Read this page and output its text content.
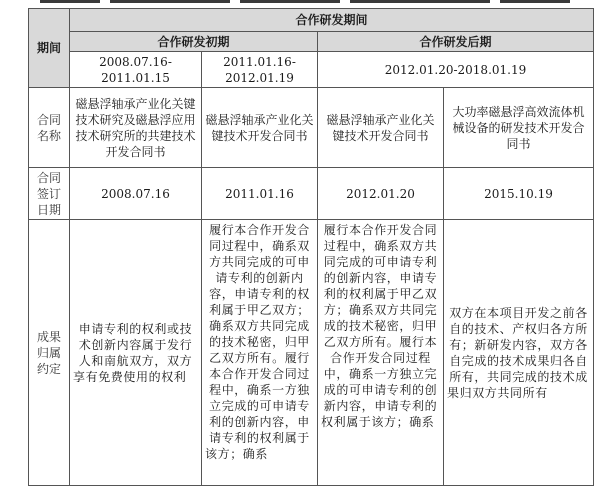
期间	合作研发期间			
	合作研发初期		合作研发后期	

	2008.07.16-2011.01.15	2011.01.16-2012.01.19	2012.01.20-2018.01.19	

合同名称	磁悬浮轴承产业化关键技术研究及磁悬浮应用技术研究所的共建技术开发合同书	磁悬浮轴承产业化关键技术开发合同书	磁悬浮轴承产业化关键技术开发合同书	大功率磁悬浮高效流体机械设备的研发技术开发合同书

合同签订日期	2008.07.16	2011.01.16	2012.01.20	2015.10.19

成果归属约定	申请专利的权利或技术创新内容属于发行人和南航双方，双方享有免费使用的权利	履行本合作开发合同过程中，确系双方共同完成的可申请专利的创新内容，申请专利的权利属于甲乙双方；确系双方共同完成的技术秘密，归甲乙双方所有。履行本合作开发合同过程中，确系一方独立完成的可申请专利的创新内容，申请专利的权利属于该方；确系	履行本合作开发合同过程中，确系双方共同完成的可申请专利的创新内容，申请专利的权利属于甲乙双方；确系双方共同完成的技术秘密，归甲乙双方所有。履行本合作开发合同过程中，确系一方独立完成的可申请专利的创新内容，申请专利的权利属于该方；确系	双方在本项目开发之前各自的技术、产权归各方所有；新研发内容，双方各自完成的技术成果归各自所有，共同完成的技术成果归双方共同所有
